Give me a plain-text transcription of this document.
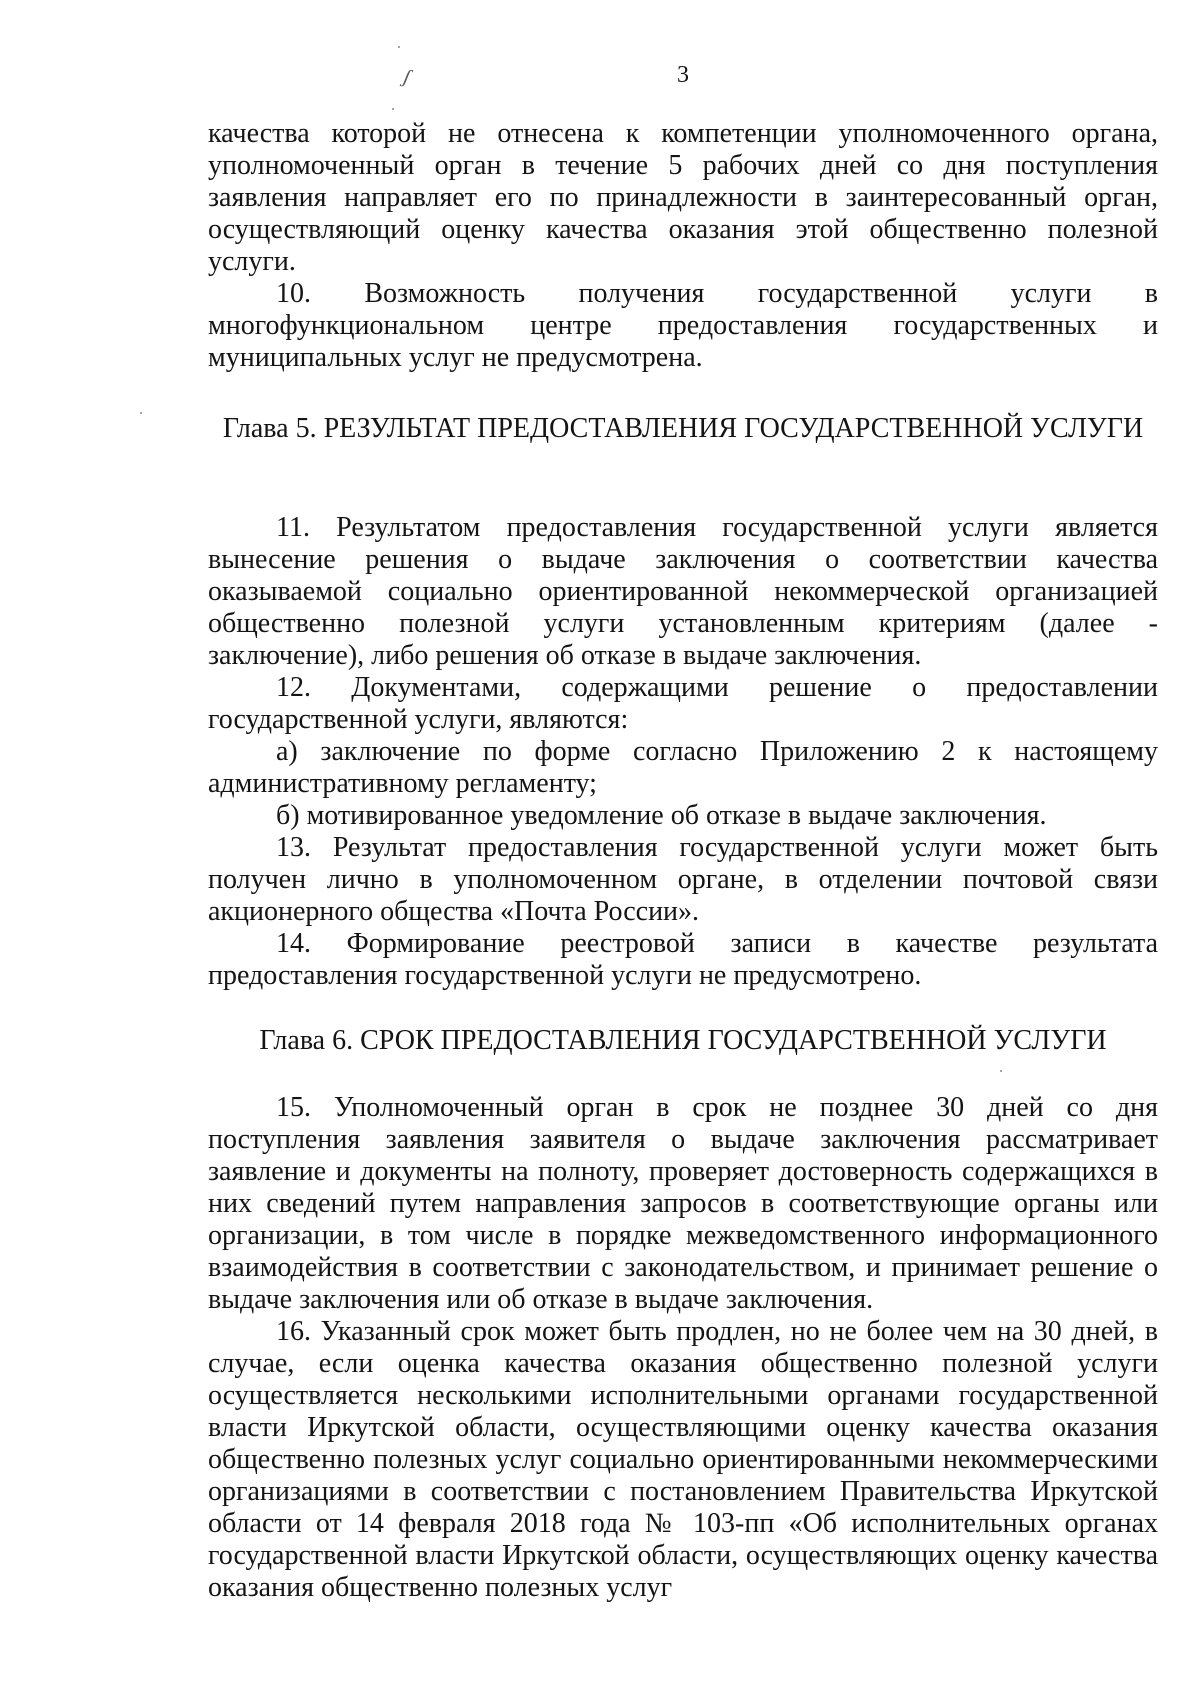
3
ʃ

качества которой не отнесена к компетенции уполномоченного органа, уполномоченный орган в течение 5 рабочих дней со дня поступления заявления направляет его по принадлежности в заинтересованный орган, осуществляющий оценку качества оказания этой общественно полезной услуги.

10. Возможность получения государственной услуги в многофункциональном центре предоставления государственных и муниципальных услуг не предусмотрена.

Глава 5. РЕЗУЛЬТАТ ПРЕДОСТАВЛЕНИЯ ГОСУДАРСТВЕННОЙ УСЛУГИ

11. Результатом предоставления государственной услуги является вынесение решения о выдаче заключения о соответствии качества оказываемой социально ориентированной некоммерческой организацией общественно полезной услуги установленным критериям (далее - заключение), либо решения об отказе в выдаче заключения.

12. Документами, содержащими решение о предоставлении государственной услуги, являются:

а) заключение по форме согласно Приложению 2 к настоящему административному регламенту;

б) мотивированное уведомление об отказе в выдаче заключения.

13. Результат предоставления государственной услуги может быть получен лично в уполномоченном органе, в отделении почтовой связи акционерного общества «Почта России».

14. Формирование реестровой записи в качестве результата предоставления государственной услуги не предусмотрено.

Глава 6. СРОК ПРЕДОСТАВЛЕНИЯ ГОСУДАРСТВЕННОЙ УСЛУГИ

15. Уполномоченный орган в срок не позднее 30 дней со дня поступления заявления заявителя о выдаче заключения рассматривает заявление и документы на полноту, проверяет достоверность содержащихся в них сведений путем направления запросов в соответствующие органы или организации, в том числе в порядке межведомственного информационного взаимодействия в соответствии с законодательством, и принимает решение о выдаче заключения или об отказе в выдаче заключения.

16. Указанный срок может быть продлен, но не более чем на 30 дней, в случае, если оценка качества оказания общественно полезной услуги осуществляется несколькими исполнительными органами государственной власти Иркутской области, осуществляющими оценку качества оказания общественно полезных услуг социально ориентированными некоммерческими организациями в соответствии с постановлением Правительства Иркутской области от 14 февраля 2018 года № 103-пп «Об исполнительных органах государственной власти Иркутской области, осуществляющих оценку качества оказания общественно полезных услуг
